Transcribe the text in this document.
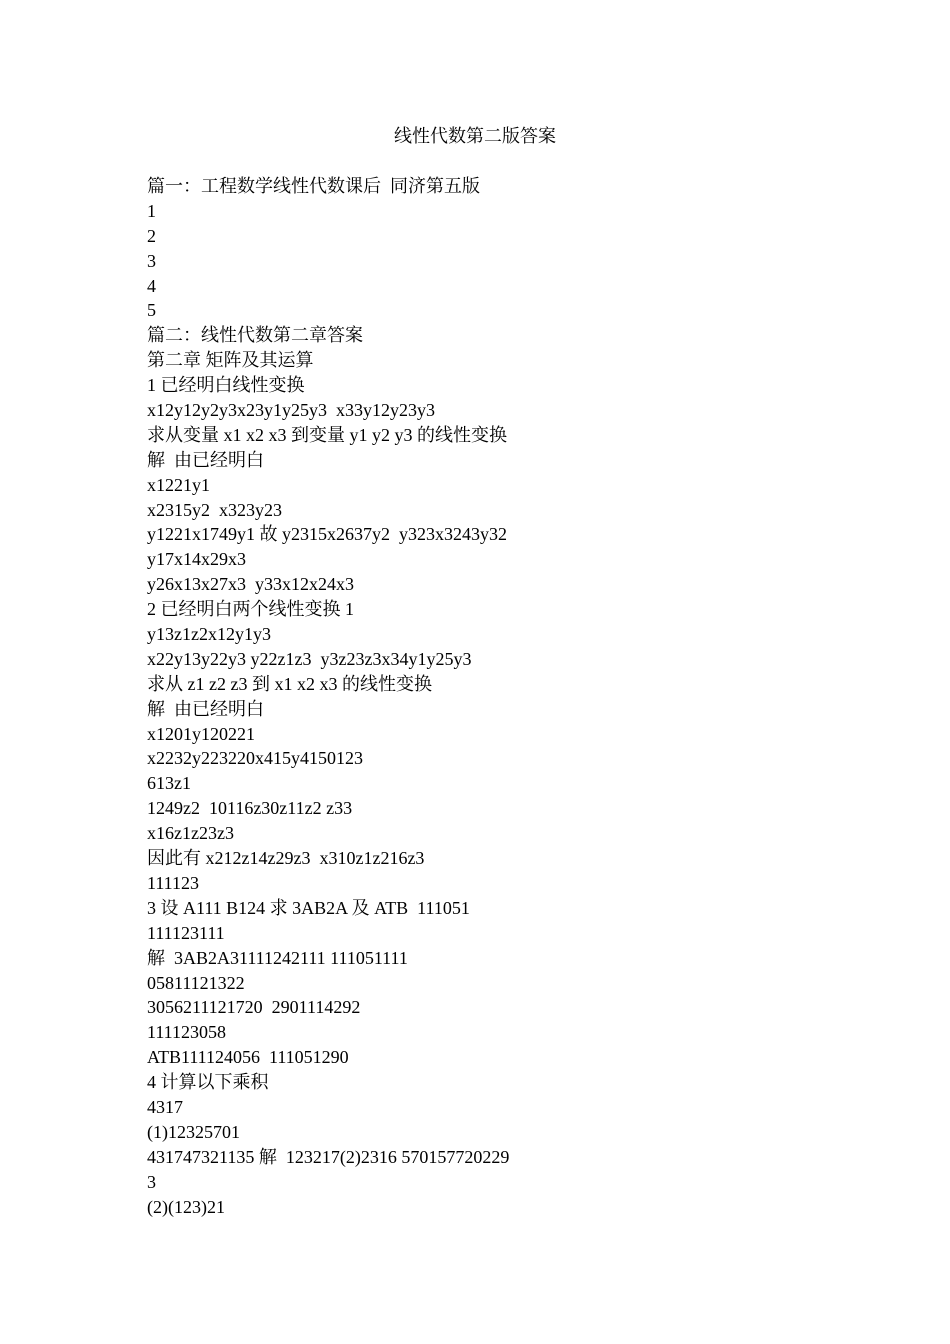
线性代数第二版答案
篇一：工程数学线性代数课后  同济第五版
1
2
3
4
5
篇二：线性代数第二章答案
第二章 矩阵及其运算
1 已经明白线性变换
x12y12y2y3x23y1y25y3  x33y12y23y3
求从变量 x1 x2 x3 到变量 y1 y2 y3 的线性变换
解  由已经明白
x1221y1
x2315y2  x323y23
y1221x1749y1 故 y2315x2637y2  y323x3243y32
y17x14x29x3
y26x13x27x3  y33x12x24x3
2 已经明白两个线性变换 1
y13z1z2x12y1y3
x22y13y22y3 y22z1z3  y3z23z3x34y1y25y3
求从 z1 z2 z3 到 x1 x2 x3 的线性变换
解  由已经明白
x1201y120221
x2232y223220x415y4150123
613z1
1249z2  10116z30z11z2 z33
x16z1z23z3
因此有 x212z14z29z3  x310z1z216z3
111123
3 设 A111 B124 求 3AB2A 及 ATB  111051
111123111
解  3AB2A31111242111 111051111
05811121322
3056211121720  2901114292
111123058
ATB111124056  111051290
4 计算以下乘积
4317
(1)12325701
431747321135 解  123217(2)2316 570157720229
3
(2)(123)21
